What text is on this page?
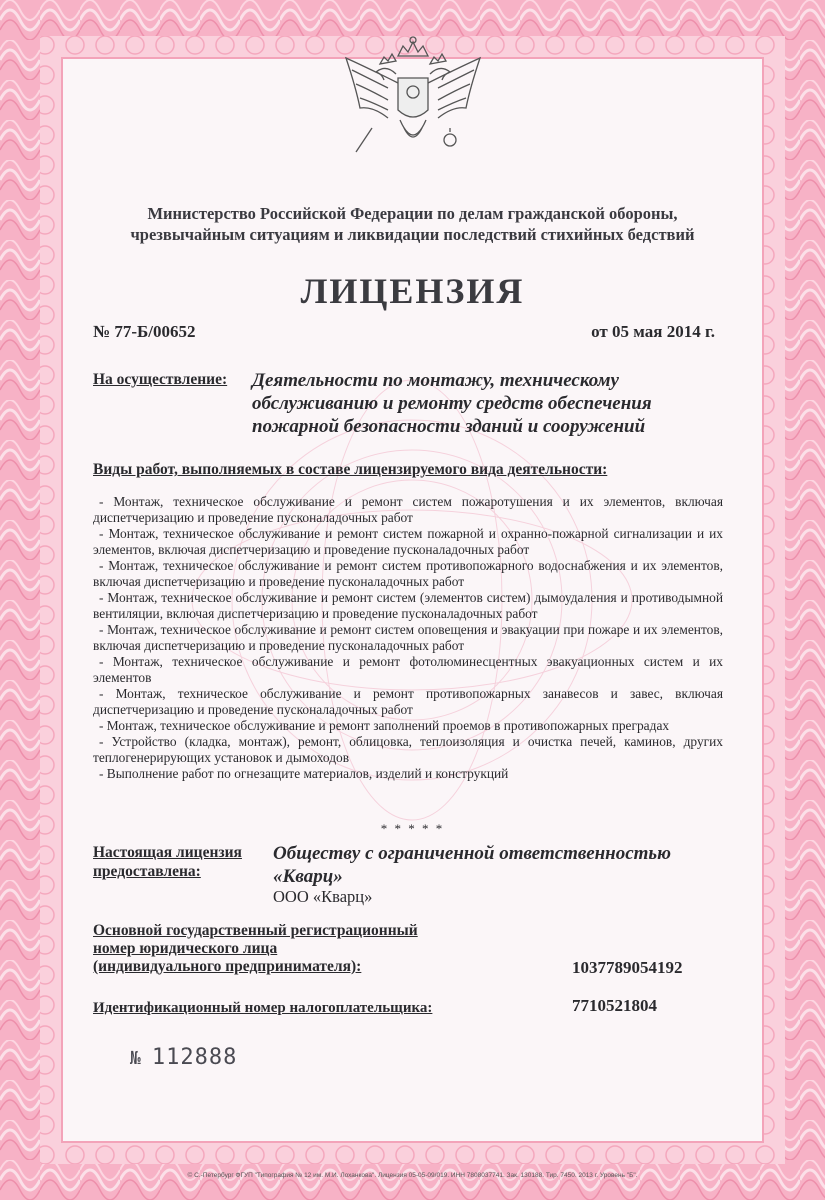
Министерство Российской Федерации по делам гражданской обороны,
чрезвычайным ситуациям и ликвидации последствий стихийных бедствий
ЛИЦЕНЗИЯ
№ 77-Б/00652	от 05 мая 2014 г.
На осуществление: Деятельности по монтажу, техническому обслуживанию и ремонту средств обеспечения пожарной безопасности зданий и сооружений
Виды работ, выполняемых в составе лицензируемого вида деятельности:
- Монтаж, техническое обслуживание и ремонт систем пожаротушения и их элементов, включая диспетчеризацию и проведение пусконаладочных работ
- Монтаж, техническое обслуживание и ремонт систем пожарной и охранно-пожарной сигнализации и их элементов, включая диспетчеризацию и проведение пусконаладочных работ
- Монтаж, техническое обслуживание и ремонт систем противопожарного водоснабжения и их элементов, включая диспетчеризацию и проведение пусконаладочных работ
- Монтаж, техническое обслуживание и ремонт систем (элементов систем) дымоудаления и противодымной вентиляции, включая диспетчеризацию и проведение пусконаладочных работ
- Монтаж, техническое обслуживание и ремонт систем оповещения и эвакуации при пожаре и их элементов, включая диспетчеризацию и проведение пусконаладочных работ
- Монтаж, техническое обслуживание и ремонт фотолюминесцентных эвакуационных систем и их элементов
- Монтаж, техническое обслуживание и ремонт противопожарных занавесов и завес, включая диспетчеризацию и проведение пусконаладочных работ
- Монтаж, техническое обслуживание и ремонт заполнений проемов в противопожарных преградах
- Устройство (кладка, монтаж), ремонт, облицовка, теплоизоляция и очистка печей, каминов, других теплогенерирующих установок и дымоходов
- Выполнение работ по огнезащите материалов, изделий и конструкций
* * * * *
Настоящая лицензия
предоставлена:
Обществу с ограниченной ответственностью «Кварц»
ООО «Кварц»
Основной государственный регистрационный
номер юридического лица
(индивидуального предпринимателя):	1037789054192
Идентификационный номер налогоплательщика:	7710521804
№ 112888
© С.-Петербург ФГУП "Типография № 12 им. М.И. Лоханкова". Лицензия 05-05-09/019. ИНН 7808037741. Зак. 130188. Тир. 7450. 2013 г. Уровень "Б".
